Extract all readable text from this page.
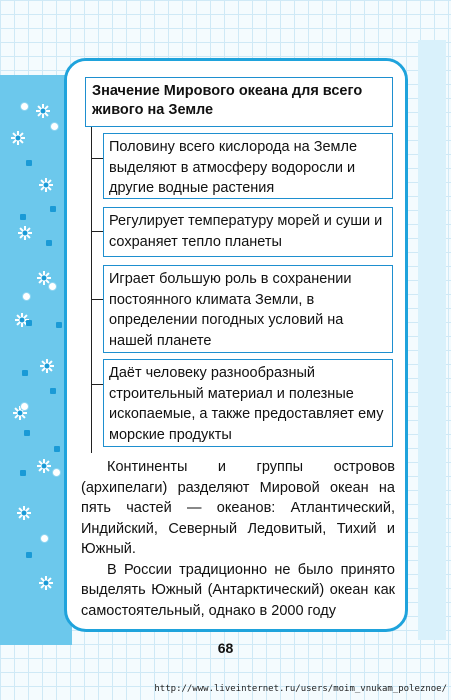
Значение Мирового океана для всего живого на Земле
Половину всего кислорода на Земле выделяют в атмосферу водоросли и другие водные растения
Регулирует температуру морей и суши и сохраняет тепло планеты
Играет большую роль в сохранении постоянного климата Земли, в определении погодных условий на нашей планете
Даёт человеку разнообразный строительный материал и полезные ископаемые, а также предоставляет ему морские продукты

Континенты и группы островов (архипелаги) разделяют Мировой океан на пять частей — океанов: Атлантический, Индийский, Северный Ледовитый, Тихий и Южный.

В России традиционно не было принято выделять Южный (Антарктический) океан как самостоятельный, однако в 2000 году

68
http://www.liveinternet.ru/users/moim_vnukam_poleznoe/
